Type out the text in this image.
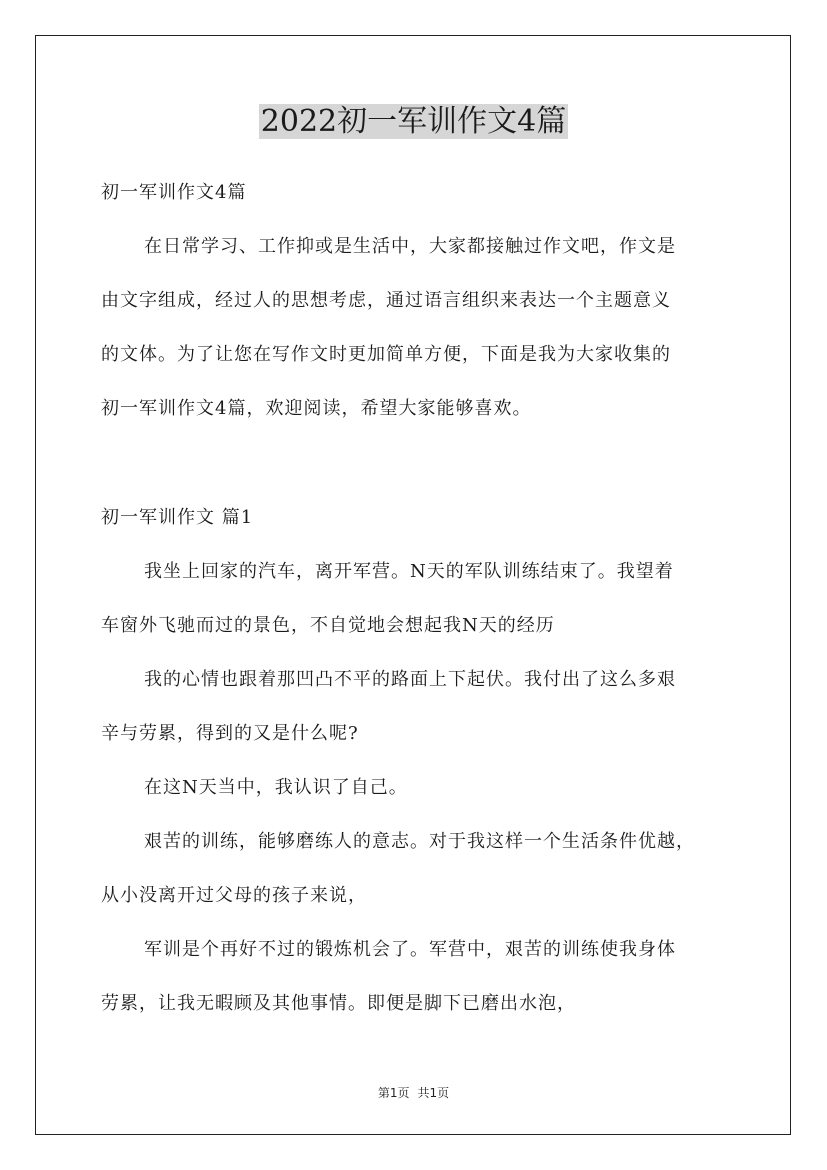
2022初一军训作文4篇
初一军训作文4篇
在日常学习、工作抑或是生活中，大家都接触过作文吧，作文是
由文字组成，经过人的思想考虑，通过语言组织来表达一个主题意义
的文体。为了让您在写作文时更加简单方便，下面是我为大家收集的
初一军训作文4篇，欢迎阅读，希望大家能够喜欢。
初一军训作文 篇1
我坐上回家的汽车，离开军营。N天的军队训练结束了。我望着
车窗外飞驰而过的景色，不自觉地会想起我N天的经历
我的心情也跟着那凹凸不平的路面上下起伏。我付出了这么多艰
辛与劳累，得到的又是什么呢?
在这N天当中，我认识了自己。
艰苦的训练，能够磨练人的意志。对于我这样一个生活条件优越，
从小没离开过父母的孩子来说，
军训是个再好不过的锻炼机会了。军营中，艰苦的训练使我身体
劳累，让我无暇顾及其他事情。即便是脚下已磨出水泡，
第1页 共1页
